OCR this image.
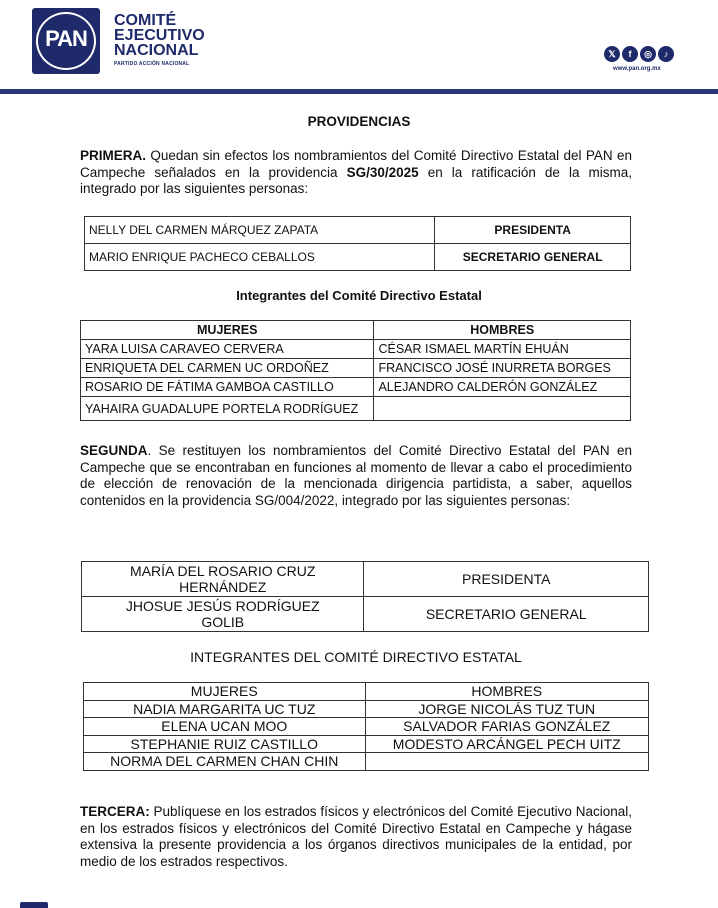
PAN
COMITÉ
EJECUTIVO
NACIONAL
PARTIDO ACCIÓN NACIONAL
𝕏	f	◎	♪
www.pan.org.mx
PROVIDENCIAS
PRIMERA. Quedan sin efectos los nombramientos del Comité Directivo Estatal del PAN en Campeche señalados en la providencia SG/30/2025 en la ratificación de la misma, integrado por las siguientes personas:
NELLY DEL CARMEN MÁRQUEZ ZAPATA	PRESIDENTA
MARIO ENRIQUE PACHECO CEBALLOS	SECRETARIO GENERAL
Integrantes del Comité Directivo Estatal
MUJERES	HOMBRES
YARA LUISA CARAVEO CERVERA	CÉSAR ISMAEL MARTÍN EHUÁN
ENRIQUETA DEL CARMEN UC ORDOÑEZ	FRANCISCO JOSÉ INURRETA BORGES
ROSARIO DE FÁTIMA GAMBOA CASTILLO	ALEJANDRO CALDERÓN GONZÁLEZ
YAHAIRA GUADALUPE PORTELA RODRÍGUEZ	
SEGUNDA. Se restituyen los nombramientos del Comité Directivo Estatal del PAN en Campeche que se encontraban en funciones al momento de llevar a cabo el procedimiento de elección de renovación de la mencionada dirigencia partidista, a saber, aquellos contenidos en la providencia SG/004/2022, integrado por las siguientes personas:
MARÍA DEL ROSARIO CRUZ
HERNÁNDEZ	PRESIDENTA

JHOSUE JESÚS RODRÍGUEZ
GOLIB	SECRETARIO GENERAL
INTEGRANTES DEL COMITÉ DIRECTIVO ESTATAL
MUJERES	HOMBRES
NADIA MARGARITA UC TUZ	JORGE NICOLÁS TUZ TUN
ELENA UCAN MOO	SALVADOR FARIAS GONZÁLEZ
STEPHANIE RUIZ CASTILLO	MODESTO ARCÁNGEL PECH UITZ
NORMA DEL CARMEN CHAN CHIN	
TERCERA: Publíquese en los estrados físicos y electrónicos del Comité Ejecutivo Nacional, en los estrados físicos y electrónicos del Comité Directivo Estatal en Campeche y hágase extensiva la presente providencia a los órganos directivos municipales de la entidad, por medio de los estrados respectivos.
